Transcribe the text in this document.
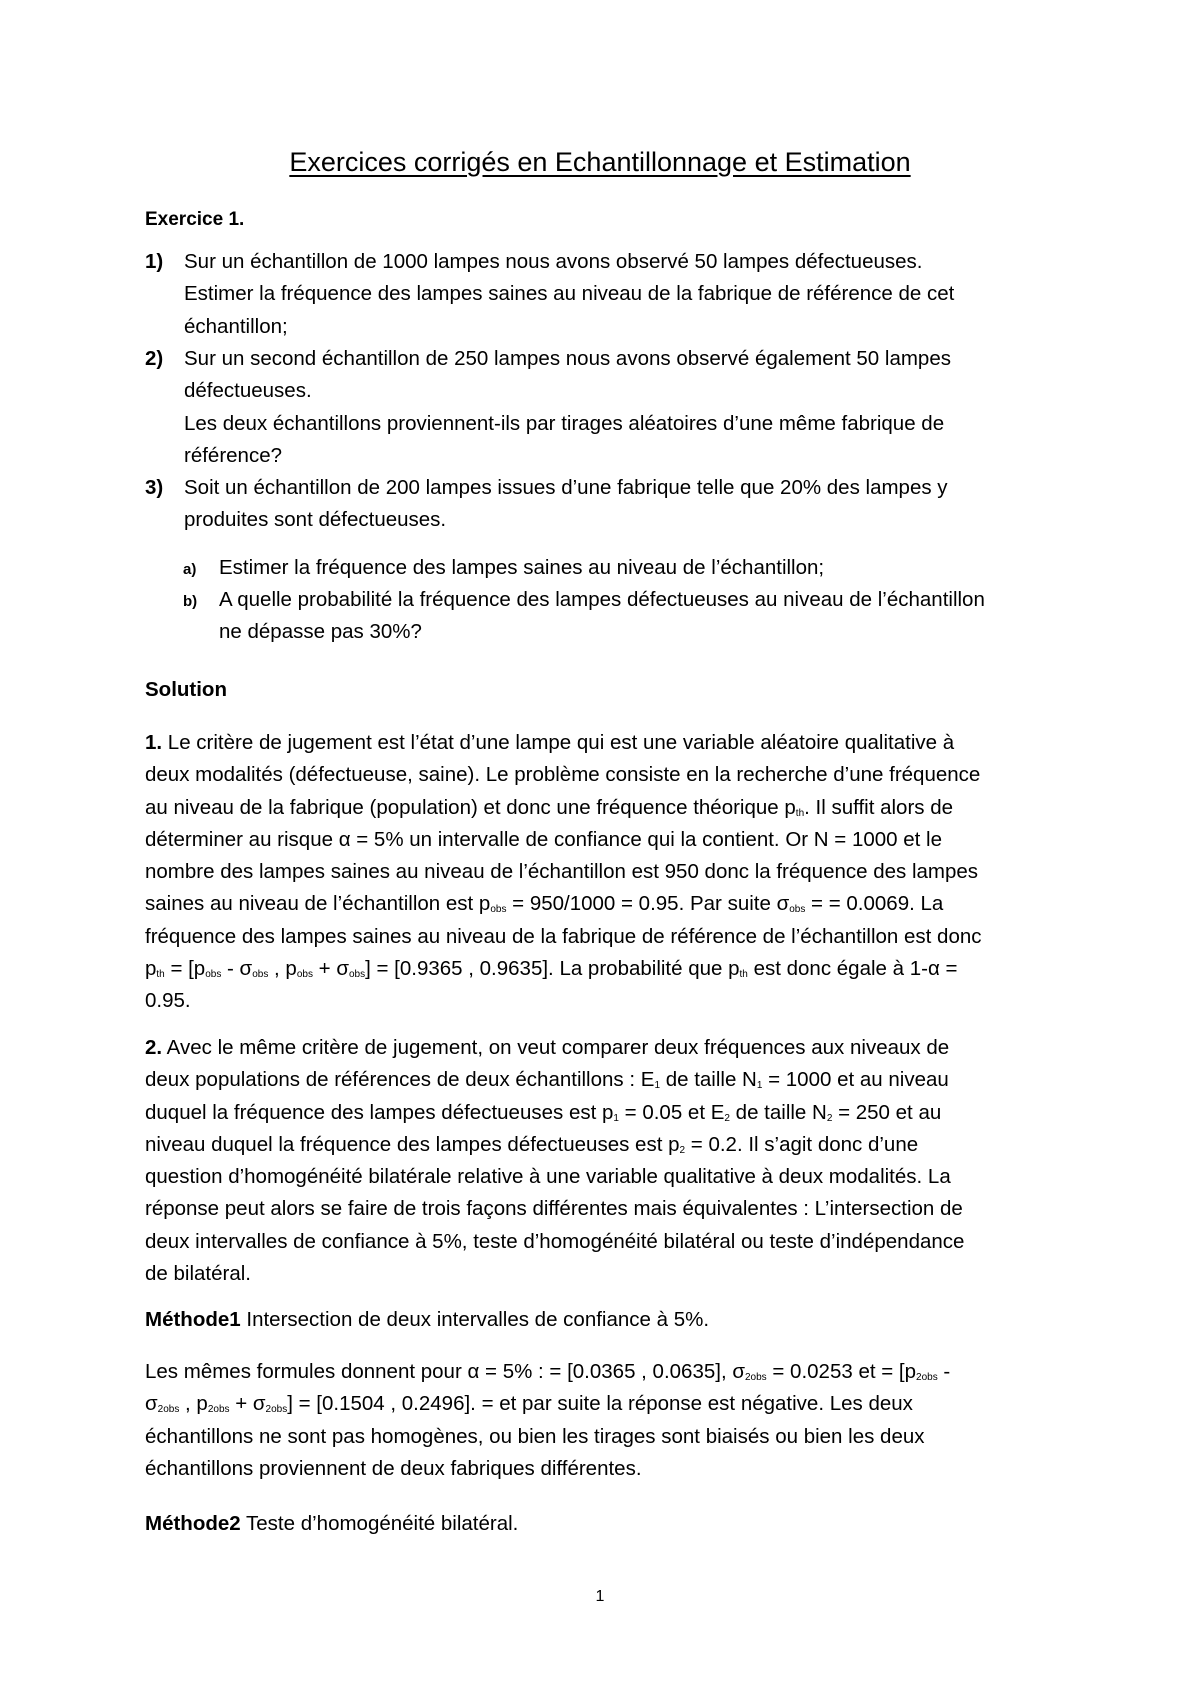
Exercices corrigés en Echantillonnage et Estimation
Exercice 1.
1) Sur un échantillon de 1000 lampes nous avons observé 50 lampes défectueuses.
Estimer la fréquence des lampes saines au niveau de la fabrique de référence de cet
échantillon;
2) Sur un second échantillon de 250 lampes nous avons observé également 50 lampes
défectueuses.
Les deux échantillons proviennent-ils par tirages aléatoires d’une même fabrique de
référence?
3) Soit un échantillon de 200 lampes issues d’une fabrique telle que 20% des lampes y
produites sont défectueuses.
a) Estimer la fréquence des lampes saines au niveau de l’échantillon;
b) A quelle probabilité la fréquence des lampes défectueuses au niveau de l’échantillon
ne dépasse pas 30%?
Solution
1. Le critère de jugement est l’état d’une lampe qui est une variable aléatoire qualitative à
deux modalités (défectueuse, saine). Le problème consiste en la recherche d’une fréquence
au niveau de la fabrique (population) et donc une fréquence théorique $p_{th}$. Il suffit alors de
déterminer au risque α = 5% un intervalle de confiance qui la contient. Or N = 1000 et le
nombre des lampes saines au niveau de l’échantillon est 950 donc la fréquence des lampes
saines au niveau de l’échantillon est $p_{obs} = 950/1000 = 0.95$. Par suite $\sigma_{obs}$ = = 0.0069. La
fréquence des lampes saines au niveau de la fabrique de référence de l’échantillon est donc
$p_{th} = [p_{obs} - \sigma_{obs}$ , $p_{obs} + \sigma_{obs}] = [0.9365$ , 0.9635]. La probabilité que $p_{th}$ est donc égale à 1-α =
0.95.
2. Avec le même critère de jugement, on veut comparer deux fréquences aux niveaux de
deux populations de références de deux échantillons : $E_1$ de taille $N_1 = 1000$ et au niveau
duquel la fréquence des lampes défectueuses est $p_1 = 0.05$ et $E_2$ de taille $N_2 = 250$ et au
niveau duquel la fréquence des lampes défectueuses est $p_2 = 0.2$. Il s’agit donc d’une
question d’homogénéité bilatérale relative à une variable qualitative à deux modalités. La
réponse peut alors se faire de trois façons différentes mais équivalentes : L’intersection de
deux intervalles de confiance à 5%, teste d’homogénéité bilatéral ou teste d’indépendance
de bilatéral.
Méthode1 Intersection de deux intervalles de confiance à 5%.
Les mêmes formules donnent pour α = 5% : = [0.0365 , 0.0635], $\sigma_{2obs} = 0.0253$ et = [$p_{2obs}$ -
$\sigma_{2obs}$ , $p_{2obs} + \sigma_{2obs}] = [0.1504$ , 0.2496]. = et par suite la réponse est négative. Les deux
échantillons ne sont pas homogènes, ou bien les tirages sont biaisés ou bien les deux
échantillons proviennent de deux fabriques différentes.
Méthode2 Teste d’homogénéité bilatéral.
1
